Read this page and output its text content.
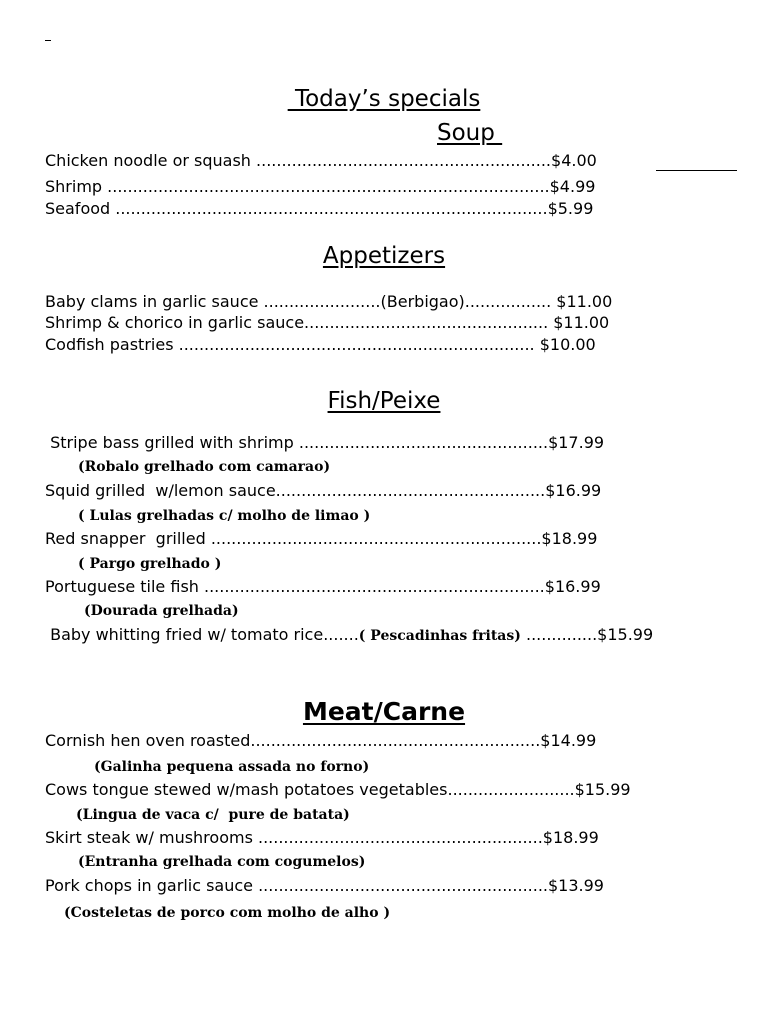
Today’s specials
Soup
Chicken noodle or squash ..........................................................$4.00
Shrimp .......................................................................................$4.99
Seafood .....................................................................................$5.99
Appetizers
Baby clams in garlic sauce .......................(Berbigao)................. $11.00
Shrimp & chorico in garlic sauce................................................ $11.00
Codfish pastries ...................................................................... $10.00
Fish/Peixe
Stripe bass grilled with shrimp .................................................$17.99
(Robalo grelhado com camarao)
Squid grilled  w/lemon sauce.....................................................$16.99
( Lulas grelhadas c/ molho de limao )
Red snapper  grilled .................................................................$18.99
( Pargo grelhado )
Portuguese tile fish ...................................................................$16.99
(Dourada grelhada)
Baby whitting fried w/ tomato rice.......( Pescadinhas fritas) ..............$15.99
Meat/Carne
Cornish hen oven roasted.........................................................$14.99
(Galinha pequena assada no forno)
Cows tongue stewed w/mash potatoes vegetables.........................$15.99
(Lingua de vaca c/  pure de batata)
Skirt steak w/ mushrooms ........................................................$18.99
(Entranha grelhada com cogumelos)
Pork chops in garlic sauce .........................................................$13.99
(Costeletas de porco com molho de alho )
